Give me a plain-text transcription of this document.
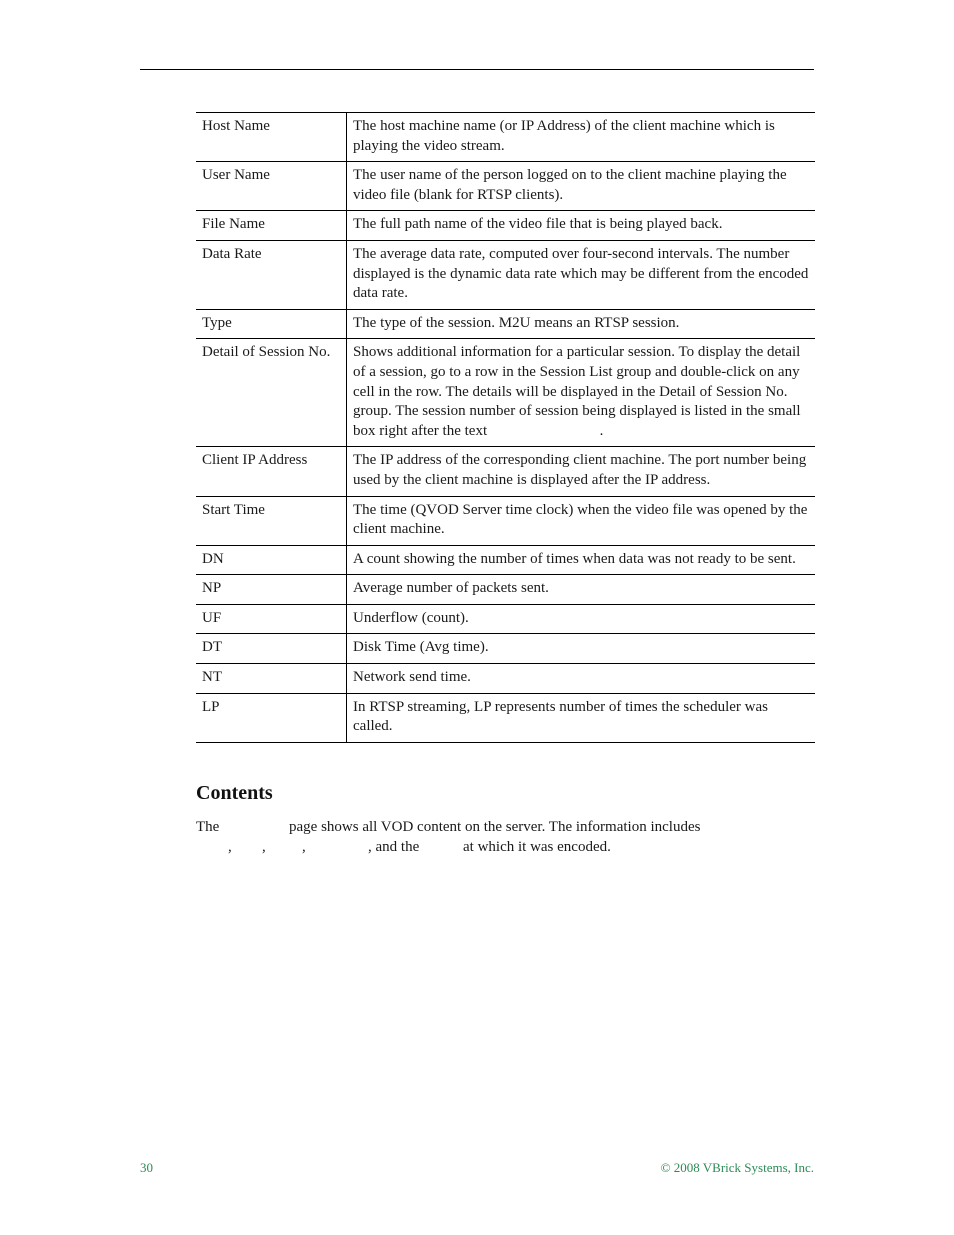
Host Name	The host machine name (or IP Address) of the client machine which is playing the video stream.
User Name	The user name of the person logged on to the client machine playing the video file (blank for RTSP clients).
File Name	The full path name of the video file that is being played back.
Data Rate	The average data rate, computed over four-second intervals. The number displayed is the dynamic data rate which may be different from the encoded data rate.
Type	The type of the session. M2U means an RTSP session.
Detail of Session No.	Shows additional information for a particular session. To display the detail of a session, go to a row in the Session List group and double-click on any cell in the row. The details will be displayed in the Detail of Session No. group. The session number of session being displayed is listed in the small box right after the text                              .
Client IP Address	The IP address of the corresponding client machine. The port number being used by the client machine is displayed after the IP address.
Start Time	The time (QVOD Server time clock) when the video file was opened by the client machine.
DN	A count showing the number of times when data was not ready to be sent.
NP	Average number of packets sent.
UF	Underflow (count).
DT	Disk Time (Avg time).
NT	Network send time.
LP	In RTSP streaming, LP represents number of times the scheduler was called.
Contents
The	page shows all VOD content on the server. The information includes
, , ,	, and the	at which it was encoded.
30	© 2008 VBrick Systems, Inc.
